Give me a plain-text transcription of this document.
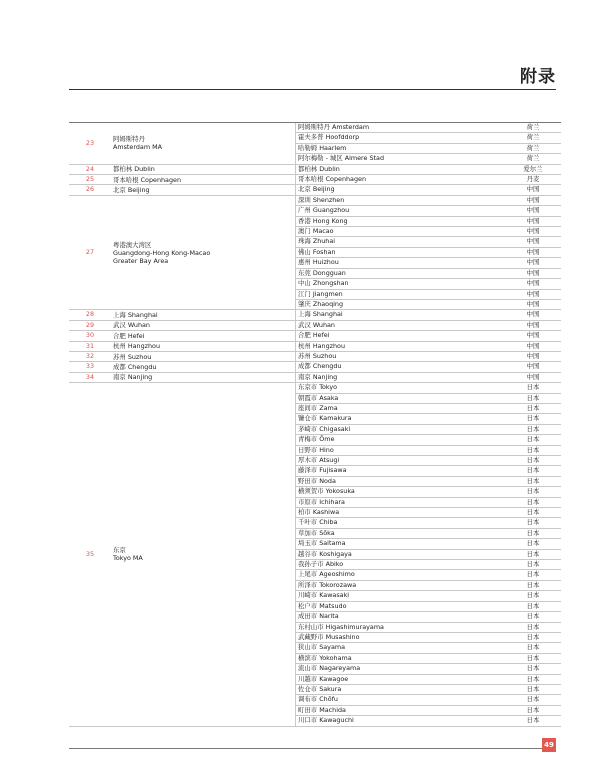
附录
23	阿姆斯特丹
Amsterdam MA	阿姆斯特丹 Amsterdam	荷兰
		霍夫多普 Hoofddorp	荷兰
		哈勒姆 Haarlem	荷兰
		阿尔梅勒 - 城区 Almere Stad	荷兰
24	都柏林 Dublin	都柏林 Dublin	爱尔兰
25	哥本哈根 Copenhagen	哥本哈根 Copenhagen	丹麦
26	北京 Beijing	北京 Beijing	中国
27	粤港澳大湾区
Guangdong-Hong Kong-Macao
Greater Bay Area	深圳 Shenzhen	中国
		广州 Guangzhou	中国
		香港 Hong Kong	中国
		澳门 Macao	中国
		珠海 Zhuhai	中国
		佛山 Foshan	中国
		惠州 Huizhou	中国
		东莞 Dongguan	中国
		中山 Zhongshan	中国
		江门 Jiangmen	中国
		肇庆 Zhaoqing	中国
28	上海 Shanghai	上海 Shanghai	中国
29	武汉 Wuhan	武汉 Wuhan	中国
30	合肥 Hefei	合肥 Hefei	中国
31	杭州 Hangzhou	杭州 Hangzhou	中国
32	苏州 Suzhou	苏州 Suzhou	中国
33	成都 Chengdu	成都 Chengdu	中国
34	南京 Nanjing	南京 Nanjing	中国
35	东京
Tokyo MA	东京市 Tokyo	日本
		朝霞市 Asaka	日本
		座间市 Zama	日本
		镰仓市 Kamakura	日本
		茅崎市 Chigasaki	日本
		青梅市 Ōme	日本
		日野市 Hino	日本
		厚木市 Atsugi	日本
		藤泽市 Fujisawa	日本
		野田市 Noda	日本
		横须贺市 Yokosuka	日本
		市原市 Ichihara	日本
		柏市 Kashiwa	日本
		千叶市 Chiba	日本
		草加市 Sōka	日本
		埼玉市 Saitama	日本
		越谷市 Koshigaya	日本
		我孙子市 Abiko	日本
		上尾市 Ageoshimo	日本
		所泽市 Tokorozawa	日本
		川崎市 Kawasaki	日本
		松户市 Matsudo	日本
		成田市 Narita	日本
		东村山市 Higashimurayama	日本
		武藏野市 Musashino	日本
		狭山市 Sayama	日本
		横滨市 Yokohama	日本
		流山市 Nagareyama	日本
		川越市 Kawagoe	日本
		佐仓市 Sakura	日本
		调布市 Chōfu	日本
		町田市 Machida	日本
		川口市 Kawaguchi	日本
49
